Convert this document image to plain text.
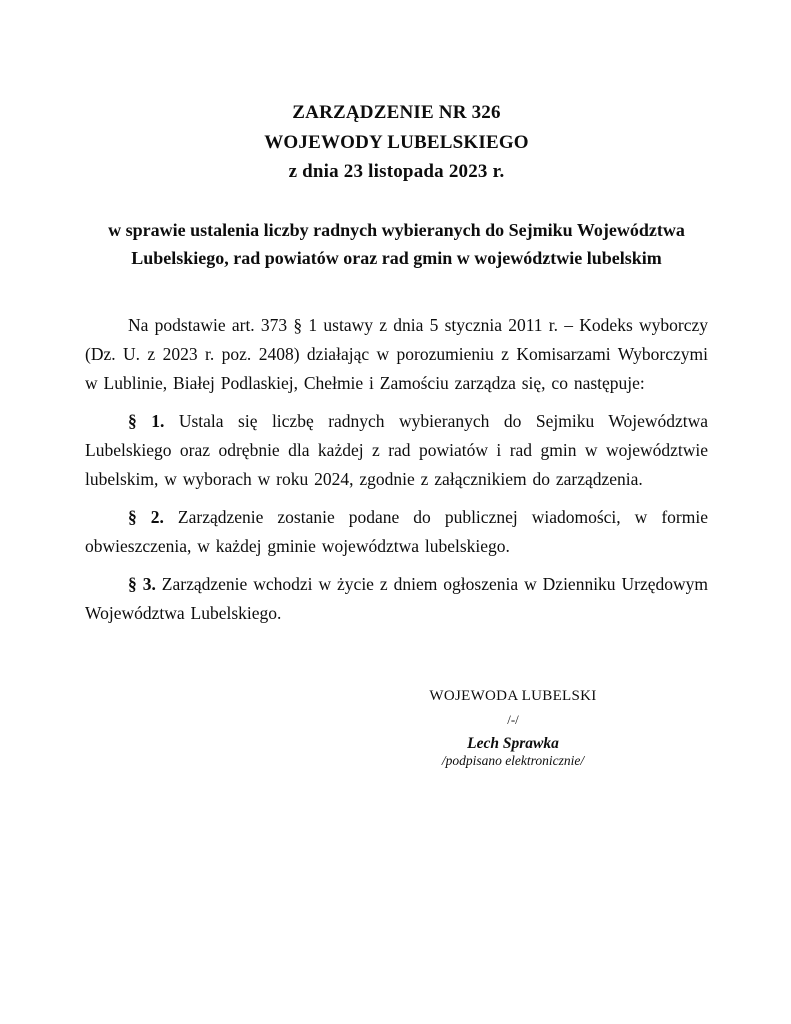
ZARZĄDZENIE NR 326
WOJEWODY LUBELSKIEGO
z dnia 23 listopada 2023 r.
w sprawie ustalenia liczby radnych wybieranych do Sejmiku Województwa Lubelskiego, rad powiatów oraz rad gmin w województwie lubelskim

Na podstawie art. 373 § 1 ustawy z dnia 5 stycznia 2011 r. – Kodeks wyborczy (Dz. U. z 2023 r. poz. 2408) działając w porozumieniu z Komisarzami Wyborczymi w Lublinie, Białej Podlaskiej, Chełmie i Zamościu zarządza się, co następuje:

§ 1. Ustala się liczbę radnych wybieranych do Sejmiku Województwa Lubelskiego oraz odrębnie dla każdej z rad powiatów i rad gmin w województwie lubelskim, w wyborach w roku 2024, zgodnie z załącznikiem do zarządzenia.

§ 2. Zarządzenie zostanie podane do publicznej wiadomości, w formie obwieszczenia, w każdej gminie województwa lubelskiego.

§ 3. Zarządzenie wchodzi w życie z dniem ogłoszenia w Dzienniku Urzędowym Województwa Lubelskiego.

WOJEWODA LUBELSKI
/-/
Lech Sprawka
/podpisano elektronicznie/
